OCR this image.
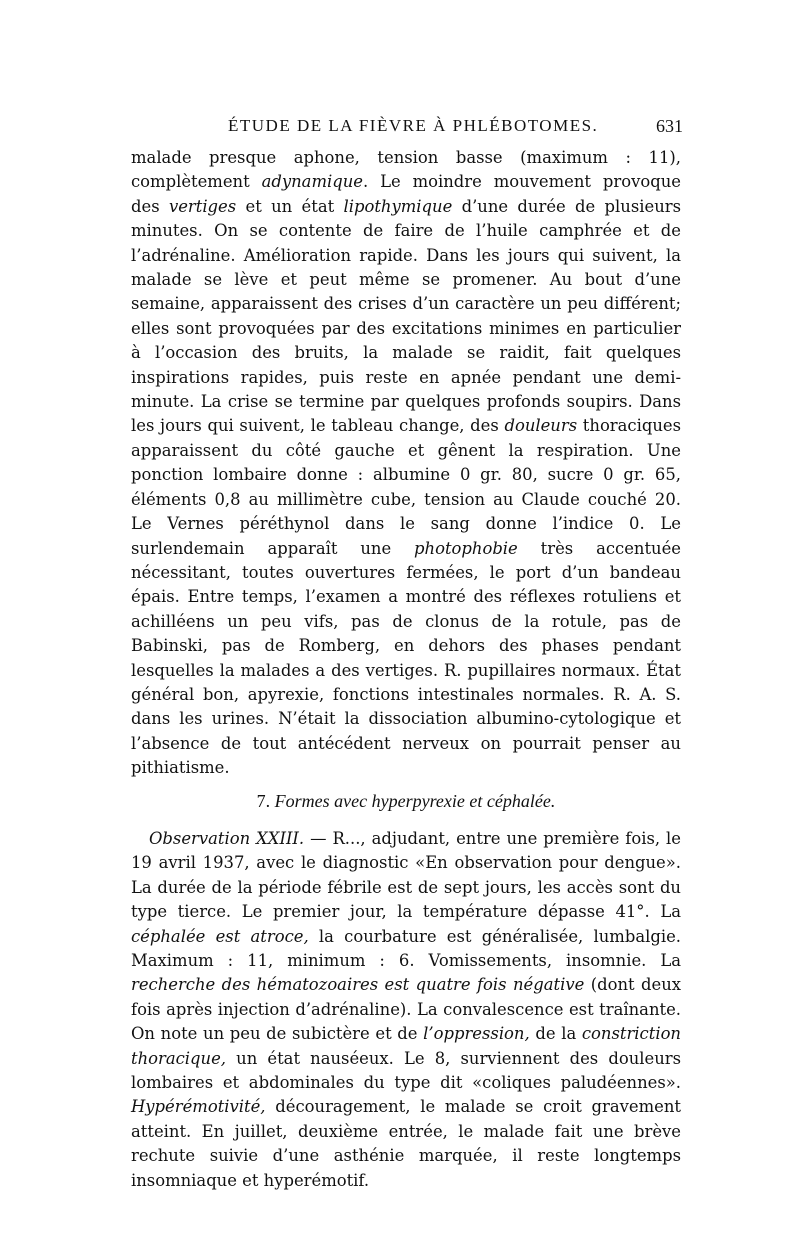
ÉTUDE DE LA FIÈVRE À PHLÉBOTOMES.	631

malade presque aphone, tension basse (maximum : 11), complètement adynamique. Le moindre mouvement provoque des vertiges et un état lipothymique d’une durée de plusieurs minutes. On se contente de faire de l’huile camphrée et de l’adrénaline. Amélioration rapide. Dans les jours qui suivent, la malade se lève et peut même se promener. Au bout d’une semaine, apparaissent des crises d’un caractère un peu différent; elles sont provoquées par des excitations minimes en particulier à l’occasion des bruits, la malade se raidit, fait quelques inspirations rapides, puis reste en apnée pendant une demi-minute. La crise se termine par quelques profonds soupirs. Dans les jours qui suivent, le tableau change, des douleurs thoraciques apparaissent du côté gauche et gênent la respiration. Une ponction lombaire donne : albumine 0 gr. 80, sucre 0 gr. 65, éléments 0,8 au millimètre cube, tension au Claude couché 20. Le Vernes péréthynol dans le sang donne l’indice 0. Le surlendemain apparaît une photophobie très accentuée nécessitant, toutes ouvertures fermées, le port d’un bandeau épais. Entre temps, l’examen a montré des réflexes rotuliens et achilléens un peu vifs, pas de clonus de la rotule, pas de Babinski, pas de Romberg, en dehors des phases pendant lesquelles la malades a des vertiges. R. pupillaires normaux. État général bon, apyrexie, fonctions intestinales normales. R. A. S. dans les urines. N’était la dissociation albumino-cytologique et l’absence de tout antécédent nerveux on pourrait penser au pithiatisme.

7. Formes avec hyperpyrexie et céphalée.

Observation XXIII. — R..., adjudant, entre une première fois, le 19 avril 1937, avec le diagnostic «En observation pour dengue». La durée de la période fébrile est de sept jours, les accès sont du type tierce. Le premier jour, la température dépasse 41°. La céphalée est atroce, la courbature est généralisée, lumbalgie. Maximum : 11, minimum : 6. Vomissements, insomnie. La recherche des hématozoaires est quatre fois négative (dont deux fois après injection d’adrénaline). La convalescence est traînante. On note un peu de subictère et de l’oppression, de la constriction thoracique, un état nauséeux. Le 8, surviennent des douleurs lombaires et abdominales du type dit «coliques paludéennes». Hypérémotivité, découragement, le malade se croit gravement atteint. En juillet, deuxième entrée, le malade fait une brève rechute suivie d’une asthénie marquée, il reste longtemps insomniaque et hyperémotif.
